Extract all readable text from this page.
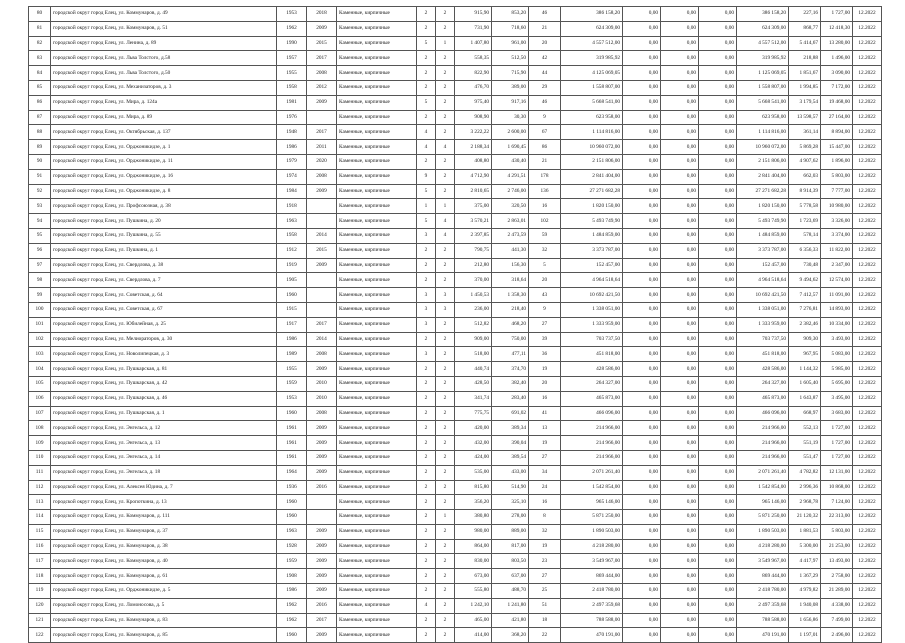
80	городской округ город Елец, ул. Коммунаров, д. 49	1953	2018	Каменные, кирпичные	2	2	915,90	853,20	46	386 158,20	0,00	0,00	0,00	386 158,20	227,16	1 727,00	12.2022
81	городской округ город Елец, ул. Коммунаров, д. 51	1962	2009	Каменные, кирпичные	2	2	731,90	718,60	21	624 309,00	0,00	0,00	0,00	624 309,00	868,77	12 418,30	12.2022
82	городской округ город Елец, ул. Ленина, д. 89	1990	2015	Каменные, кирпичные	5	1	1 407,80	961,00	20	4 557 512,00	0,00	0,00	0,00	4 557 512,00	5 414,67	13 280,00	12.2022
83	городской округ город Елец, ул. Льва Толстого, д.58	1957	2017	Каменные, кирпичные	2	2	558,35	512,50	42	319 985,92	0,00	0,00	0,00	319 985,92	218,88	1 496,00	12.2022
84	городской округ город Елец, ул. Льва Толстого, д.50	1955	2008	Каменные, кирпичные	2	2	822,90	715,90	44	4 125 069,05	0,00	0,00	0,00	1 125 069,05	1 851,67	3 090,00	12.2022
85	городской округ город Елец, ул. Механизаторов, д. 3	1958	2012	Каменные, кирпичные	2	2	476,70	389,00	29	1 558 807,00	0,00	0,00	0,00	1 558 807,00	1 994,85	7 172,00	12.2022
86	городской округ город Елец, ул. Мира, д. 124а	1981	2009	Каменные, кирпичные	5	2	975,40	917,16	46	5 668 541,00	0,00	0,00	0,00	5 668 541,00	3 179,54	19 468,00	12.2022
87	городской округ город Елец, ул. Мира, д. 89	1976		Каменные, кирпичные	2	2	908,90	30,30	9	623 958,00	0,00	0,00	0,00	623 958,00	13 598,57	27 164,00	12.2022
88	городской округ город Елец, ул. Октябрьская, д. 137	1948	2017	Каменные, кирпичные	4	2	3 222,22	2 600,00	67	1 114 816,00	0,00	0,00	0,00	1 114 816,00	361,14	8 894,00	12.2022
89	городской округ город Елец, ул. Орджоникидзе, д. 1	1986	2011	Каменные, кирпичные	4	4	2 188,34	1 690,45	86	10 960 072,00	0,00	0,00	0,00	10 960 072,00	5 869,28	15 447,00	12.2022
90	городской округ город Елец, ул. Орджоникидзе, д. 11	1979	2020	Каменные, кирпичные	2	2	408,80	430,40	21	2 151 806,00	0,00	0,00	0,00	2 151 806,00	4 907,62	1 896,00	12.2022
91	городской округ город Елец, ул. Орджоникидзе, д. 16	1974	2008	Каменные, кирпичные	9	2	4 712,90	4 291,51	178	2 841 404,00	0,00	0,00	0,00	2 841 404,00	662,03	5 803,00	12.2022
92	городской округ город Елец, ул. Орджоникидзе, д. 8	1984	2009	Каменные, кирпичные	5	2	2 810,65	2 746,00	136	27 271 682,28	0,00	0,00	0,00	27 271 682,28	8 914,39	7 777,00	12.2022
93	городской округ город Елец, ул. Профсоюзная, д. 38	1918		Каменные, кирпичные	1	1	375,00	320,50	16	1 820 150,00	0,00	0,00	0,00	1 820 150,00	5 778,58	10 980,00	12.2022
94	городской округ город Елец, ул. Пушкина, д. 20	1963		Каменные, кирпичные	5	4	3 570,21	2 863,01	102	5 493 749,90	0,00	0,00	0,00	5 493 749,90	1 723,69	3 326,00	12.2022
95	городской округ город Елец, ул. Пушкина, д. 55	1958	2014	Каменные, кирпичные	3	4	2 397,85	2 473,59	59	1 484 859,00	0,00	0,00	0,00	1 484 859,00	578,14	3 374,00	12.2022
96	городской округ город Елец, ул. Пушкина, д. 1	1912	2015	Каменные, кирпичные	2	2	790,75	441,30	32	3 373 787,00	0,00	0,00	0,00	3 373 787,00	6 356,33	11 822,00	12.2022
97	городской округ город Елец, ул. Свердлова, д. 38	1919	2009	Каменные, кирпичные	2	2	212,80	156,30	5	152 457,00	0,00	0,00	0,00	152 457,00	730,48	2 347,00	12.2022
98	городской округ город Елец, ул. Свердлова, д. 7	1905		Каменные, кирпичные	2	2	370,00	318,64	20	4 964 518,64	0,00	0,00	0,00	4 964 518,64	9 494,62	12 574,00	12.2022
99	городской округ город Елец, ул. Советская, д. 64	1960		Каменные, кирпичные	3	3	1 450,53	1 358,30	43	10 692 421,50	0,00	0,00	0,00	10 692 421,50	7 412,57	11 091,00	12.2022
100	городской округ город Елец, ул. Советская, д. 67	1915		Каменные, кирпичные	3	3	236,00	218,40	9	1 338 051,00	0,00	0,00	0,00	1 338 051,00	7 276,81	14 893,00	12.2022
101	городской округ город Елец, ул. Юбилейная, д. 25	1917	2017	Каменные, кирпичные	3	2	512,82	468,20	27	1 333 959,00	0,00	0,00	0,00	1 333 959,00	2 382,46	10 334,00	12.2022
102	городской округ город Елец, ул. Мелиораторов, д. 30	1986	2014	Каменные, кирпичные	2	2	909,00	750,00	39	703 737,50	0,00	0,00	0,00	703 737,50	909,30	3 493,00	12.2022
103	городской округ город Елец, ул. Новолипецкая, д. 3	1989	2008	Каменные, кирпичные	3	2	518,00	477,11	36	451 818,00	0,00	0,00	0,00	451 818,00	967,95	5 083,00	12.2022
104	городской округ город Елец, ул. Пушкарская, д. 81	1955	2009	Каменные, кирпичные	2	2	440,74	374,70	19	428 586,00	0,00	0,00	0,00	428 586,00	1 144,32	5 985,00	12.2022
105	городской округ город Елец, ул. Пушкарская, д. 42	1959	2010	Каменные, кирпичные	2	2	428,50	382,40	20	264 327,00	0,00	0,00	0,00	264 327,00	1 605,40	5 695,00	12.2022
106	городской округ город Елец, ул. Пушкарская, д. 46	1953	2010	Каменные, кирпичные	2	2	341,74	283,40	16	465 873,00	0,00	0,00	0,00	465 873,00	1 643,87	3 495,00	12.2022
107	городской округ город Елец, ул. Пушкарская, д. 1	1960	2008	Каменные, кирпичные	2	2	775,75	691,02	41	466 096,00	0,00	0,00	0,00	466 096,00	668,97	3 683,00	12.2022
108	городской округ город Елец, ул. Энгельса, д. 12	1961	2009	Каменные, кирпичные	2	2	420,00	389,34	13	214 966,00	0,00	0,00	0,00	214 966,00	552,13	1 727,00	12.2022
109	городской округ город Елец, ул. Энгельса, д. 13	1961	2009	Каменные, кирпичные	2	2	432,00	390,04	19	214 966,00	0,00	0,00	0,00	214 966,00	551,19	1 727,00	12.2022
110	городской округ город Елец, ул. Энгельса, д. 14	1961	2009	Каменные, кирпичные	2	2	424,00	389,54	27	214 966,00	0,00	0,00	0,00	214 966,00	551,47	1 727,00	12.2022
111	городской округ город Елец, ул. Энгельса, д. 18	1964	2009	Каменные, кирпичные	2	2	535,00	433,00	34	2 071 261,40	0,00	0,00	0,00	2 071 261,40	4 782,82	12 131,00	12.2022
112	городской округ город Елец, ул. Алексея Юдина, д. 7	1936	2016	Каменные, кирпичные	2	2	815,80	514,90	24	1 542 854,00	0,00	0,00	0,00	1 542 854,00	2 996,36	10 868,00	12.2022
113	городской округ город Елец, ул. Кропоткина, д. 13	1960		Каменные, кирпичные	2	2	356,20	325,10	16	965 146,00	0,00	0,00	0,00	965 146,00	2 968,78	7 124,00	12.2022
114	городской округ город Елец, ул. Коммунаров, д. 111	1960		Каменные, кирпичные	2	1	380,80	278,00	8	5 871 250,00	0,00	0,00	0,00	5 871 250,00	21 120,32	22 313,00	12.2022
115	городской округ город Елец, ул. Коммунаров, д. 37	1963	2009	Каменные, кирпичные	2	2	980,00	889,00	32	1 890 503,00	0,00	0,00	0,00	1 890 503,00	1 881,53	5 803,00	12.2022
116	городской округ город Елец, ул. Коммунаров, д. 38	1928	2009	Каменные, кирпичные	2	2	864,00	817,00	19	4 218 280,00	0,00	0,00	0,00	4 218 280,00	5 300,00	21 253,00	12.2022
117	городской округ город Елец, ул. Коммунаров, д. 40	1959	2009	Каменные, кирпичные	2	2	830,00	803,50	23	3 549 967,00	0,00	0,00	0,00	3 549 967,00	4 417,97	13 493,00	12.2022
118	городской округ город Елец, ул. Коммунаров, д. 61	1908	2009	Каменные, кирпичные	2	2	673,00	637,00	27	869 444,00	0,00	0,00	0,00	869 444,00	1 367,29	2 758,00	12.2022
119	городской округ город Елец, ул. Орджоникидзе, д. 5	1986	2009	Каменные, кирпичные	2	2	555,80	488,70	25	2 418 780,00	0,00	0,00	0,00	2 418 780,00	4 979,82	21 289,00	12.2022
120	городской округ город Елец, ул. Ломоносова, д. 5	1962	2016	Каменные, кирпичные	4	2	1 242,10	1 241,80	51	2 497 359,68	0,00	0,00	0,00	2 497 359,68	1 940,08	4 338,00	12.2022
121	городской округ город Елец, ул. Коммунаров, д. 83	1962	2017	Каменные, кирпичные	2	2	465,00	421,80	18	788 588,00	0,00	0,00	0,00	788 588,00	1 656,86	7 499,00	12.2022
122	городской округ город Елец, ул. Коммунаров, д. 85	1960	2009	Каменные, кирпичные	2	2	414,00	368,20	22	470 191,00	0,00	0,00	0,00	470 191,00	1 197,01	2 496,00	12.2022
